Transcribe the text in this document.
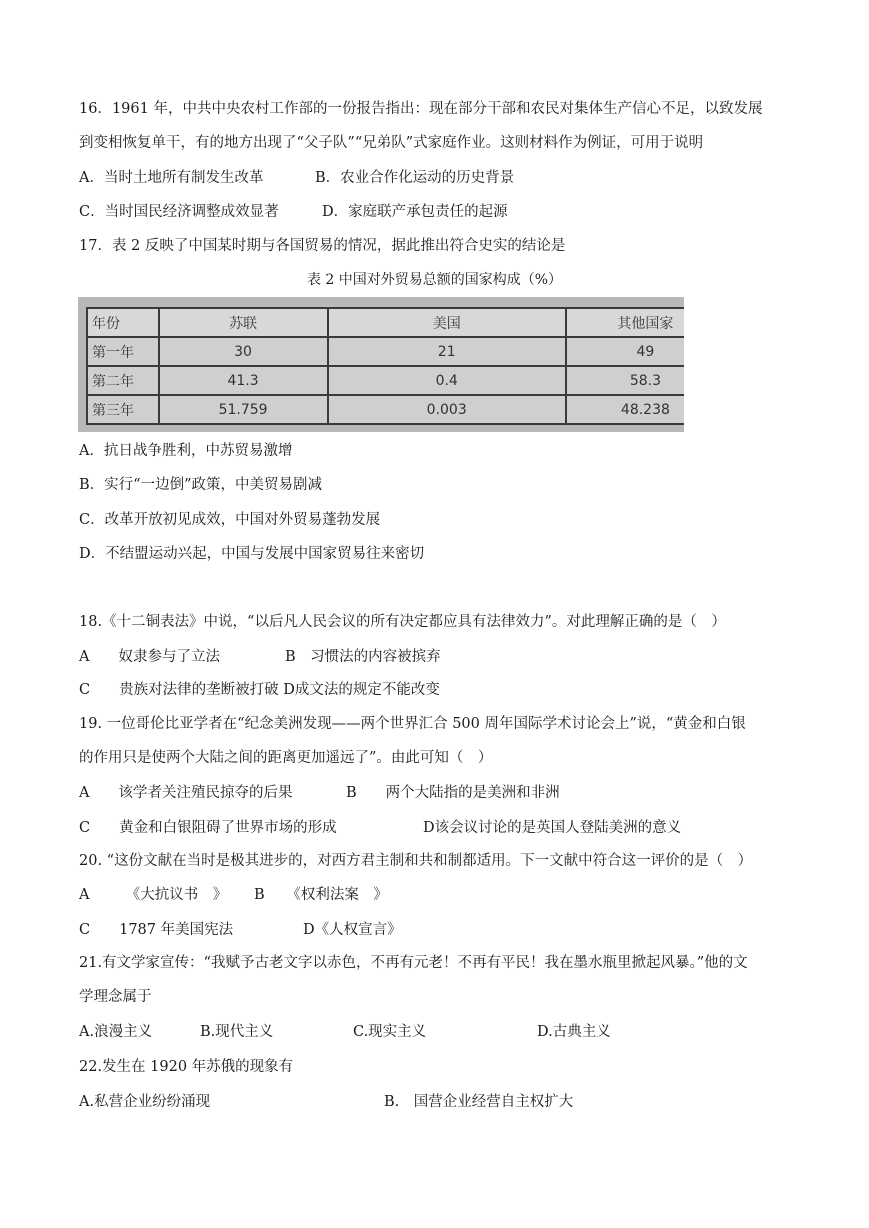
16．1961 年，中共中央农村工作部的一份报告指出：现在部分干部和农民对集体生产信心不足，以致发展
到变相恢复单干，有的地方出现了“父子队”“兄弟队”式家庭作业。这则材料作为例证，可用于说明
A．当时土地所有制发生改革	B．农业合作化运动的历史背景
C．当时国民经济调整成效显著	D．家庭联产承包责任的起源
17．表 2 反映了中国某时期与各国贸易的情况，据此推出符合史实的结论是
表 2 中国对外贸易总额的国家构成（%）
年份	苏联	美国	其他国家
第一年	30	21	49
第二年	41.3	0.4	58.3
第三年	51.759	0.003	48.238
A．抗日战争胜利，中苏贸易激增
B．实行“一边倒”政策，中美贸易剧减
C．改革开放初见成效，中国对外贸易蓬勃发展
D．不结盟运动兴起，中国与发展中国家贸易往来密切
18.《十二铜表法》中说，“以后凡人民会议的所有决定都应具有法律效力”。对此理解正确的是（　）
A　　奴隶参与了立法	B　习惯法的内容被摈弃
C　　贵族对法律的垄断被打破 D成文法的规定不能改变
19. 一位哥伦比亚学者在“纪念美洲发现——两个世界汇合 500 周年国际学术讨论会上”说，“黄金和白银
的作用只是使两个大陆之间的距离更加遥远了”。由此可知（　）
A　　该学者关注殖民掠夺的后果	B　　两个大陆指的是美洲和非洲
C　　黄金和白银阻碍了世界市场的形成	D该会议讨论的是英国人登陆美洲的意义
20. “这份文献在当时是极其进步的，对西方君主制和共和制都适用。下一文献中符合这一评价的是（　）
A　　　《大抗议书　》 B　　《权利法案　》
C　　1787 年美国宪法	D《人权宣言》
21.有文学家宣传：“我赋予古老文字以赤色，不再有元老！不再有平民！我在墨水瓶里掀起风暴。”他的文
学理念属于
A.浪漫主义	B.现代主义	C.现实主义	D.古典主义
22.发生在 1920 年苏俄的现象有
A.私营企业纷纷涌现	B.　国营企业经营自主权扩大
